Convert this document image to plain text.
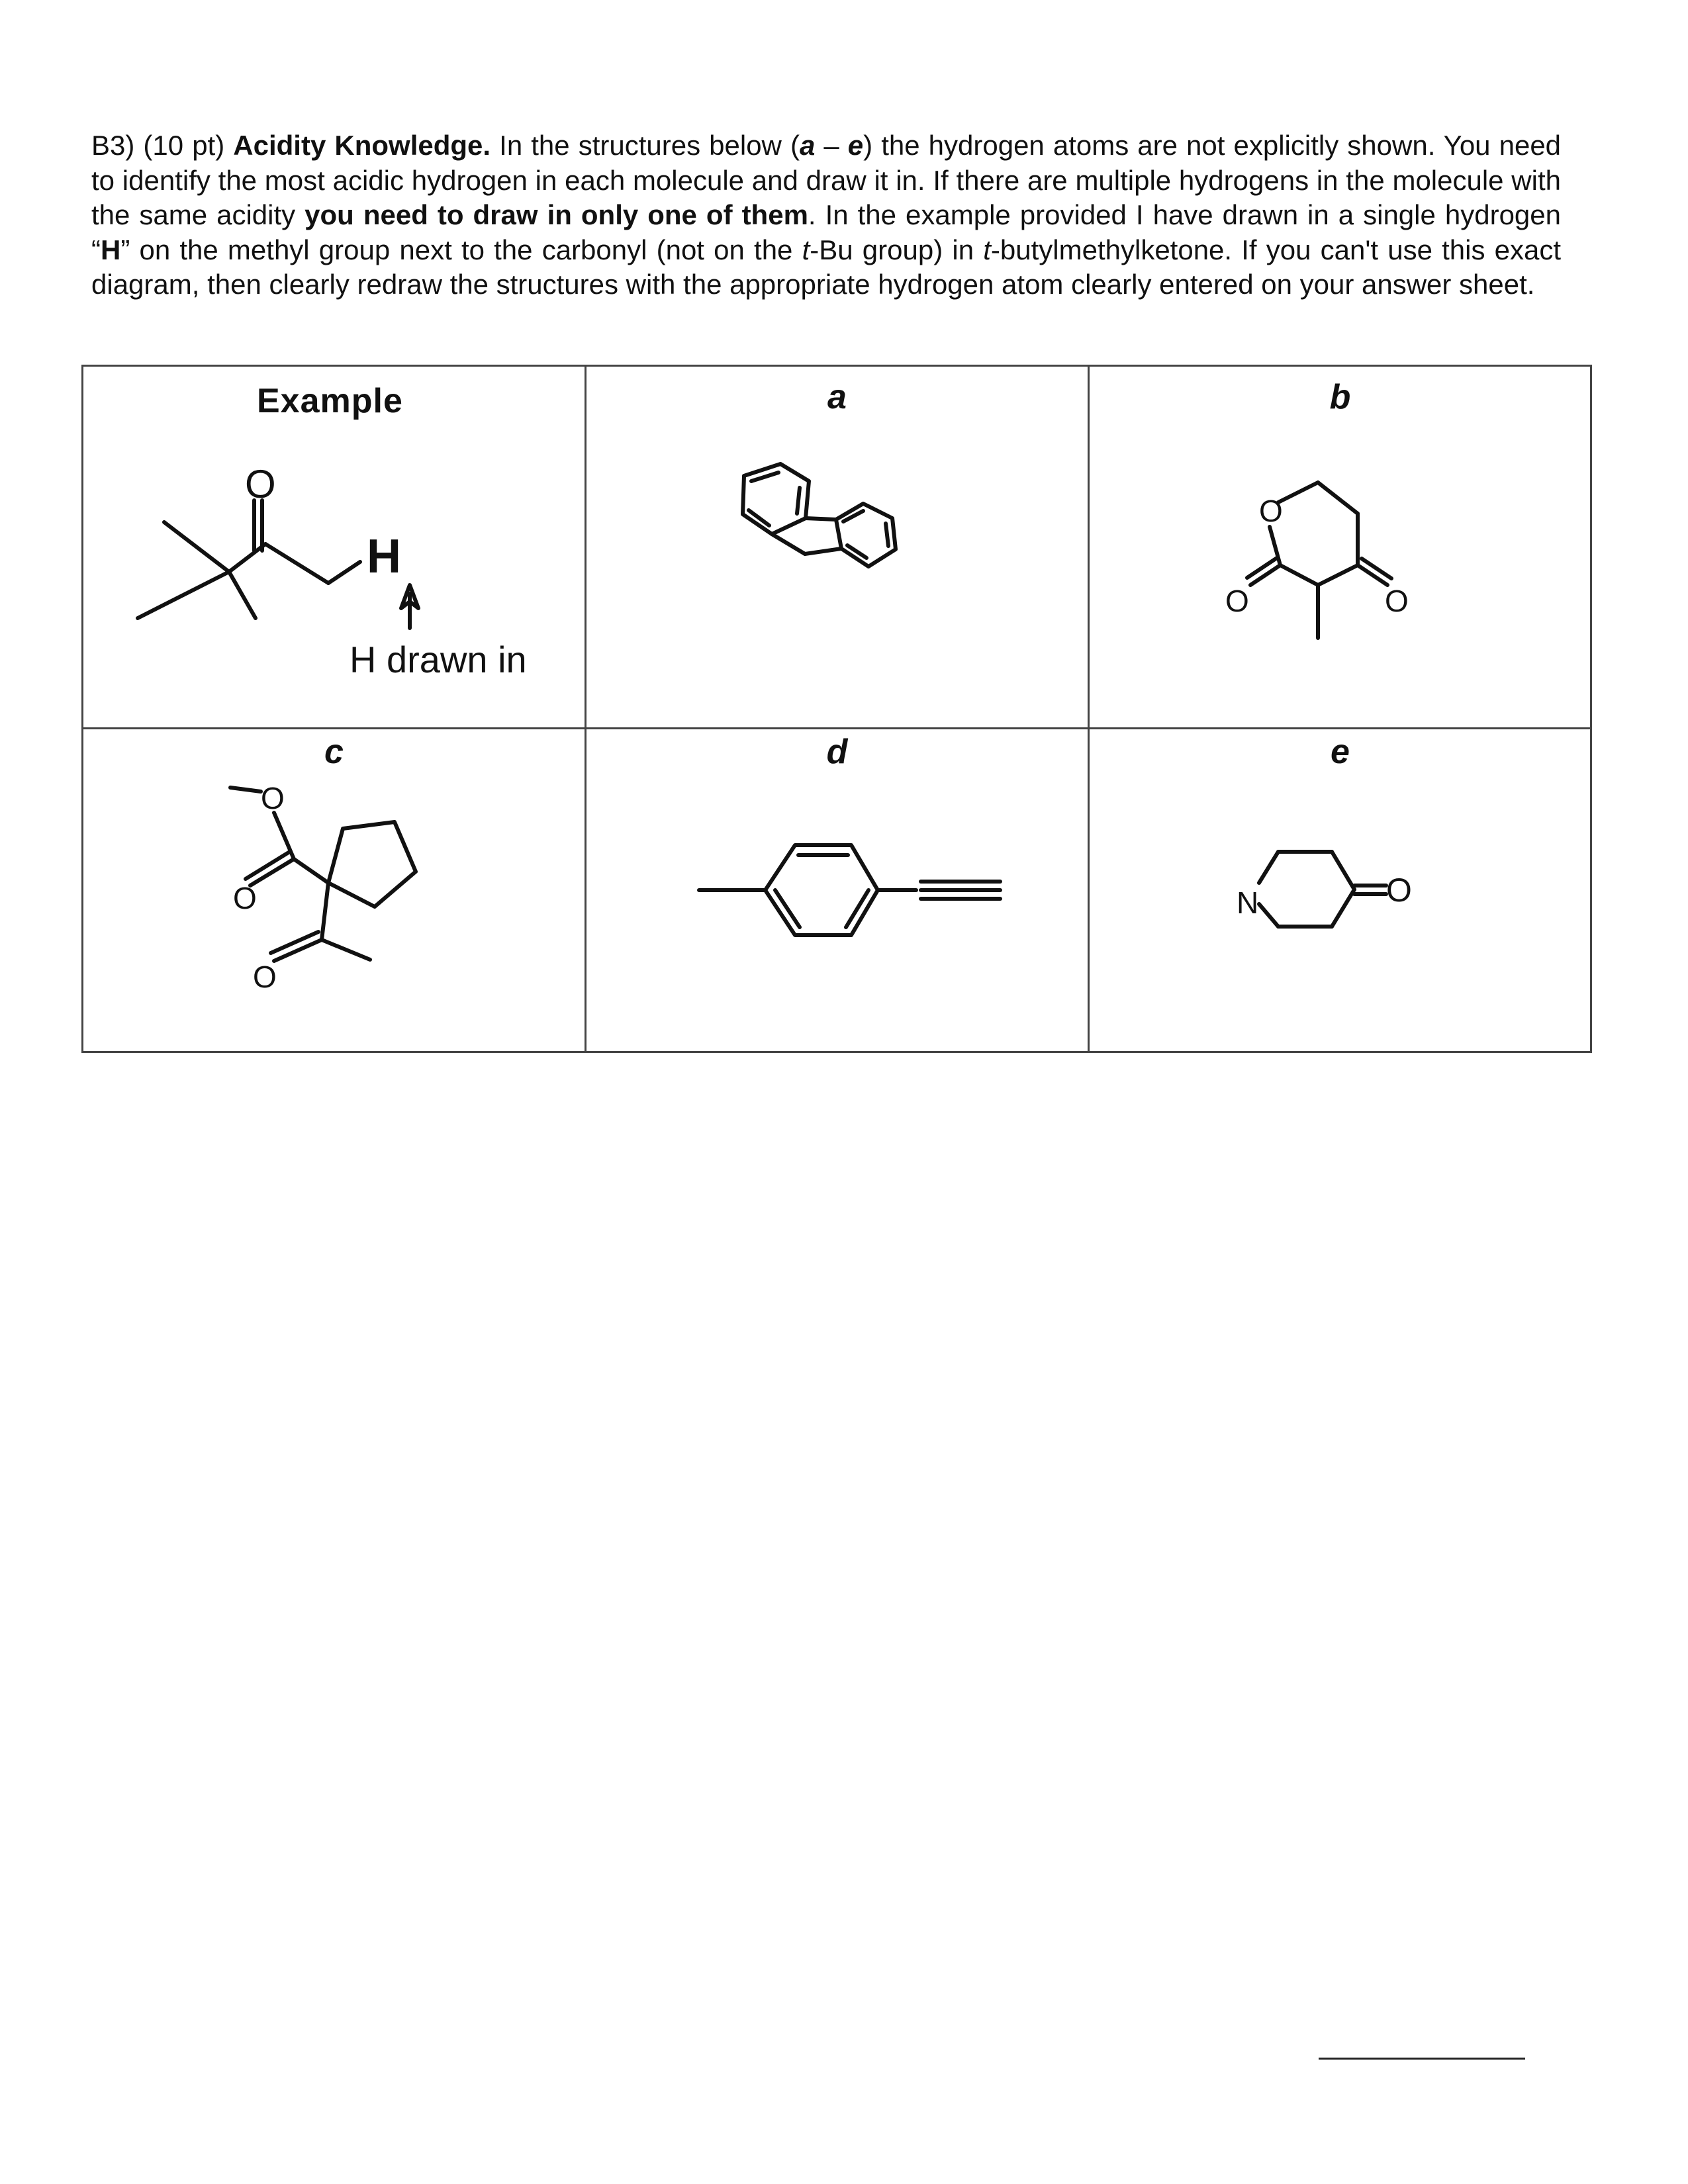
B3) (10 pt) Acidity Knowledge. In the structures below (a – e) the hydrogen atoms are not explicitly shown. You need to identify the most acidic hydrogen in each molecule and draw it in. If there are multiple hydrogens in the molecule with the same acidity you need to draw in only one of them. In the example provided I have drawn in a single hydrogen “H” on the methyl group next to the carbonyl (not on the t-Bu group) in t-butylmethylketone. If you can't use this exact diagram, then clearly redraw the structures with the appropriate hydrogen atom clearly entered on your answer sheet.
Example
O
H
H drawn in
a	b
O
O	O
c
O
O
O
d	e
N	O
